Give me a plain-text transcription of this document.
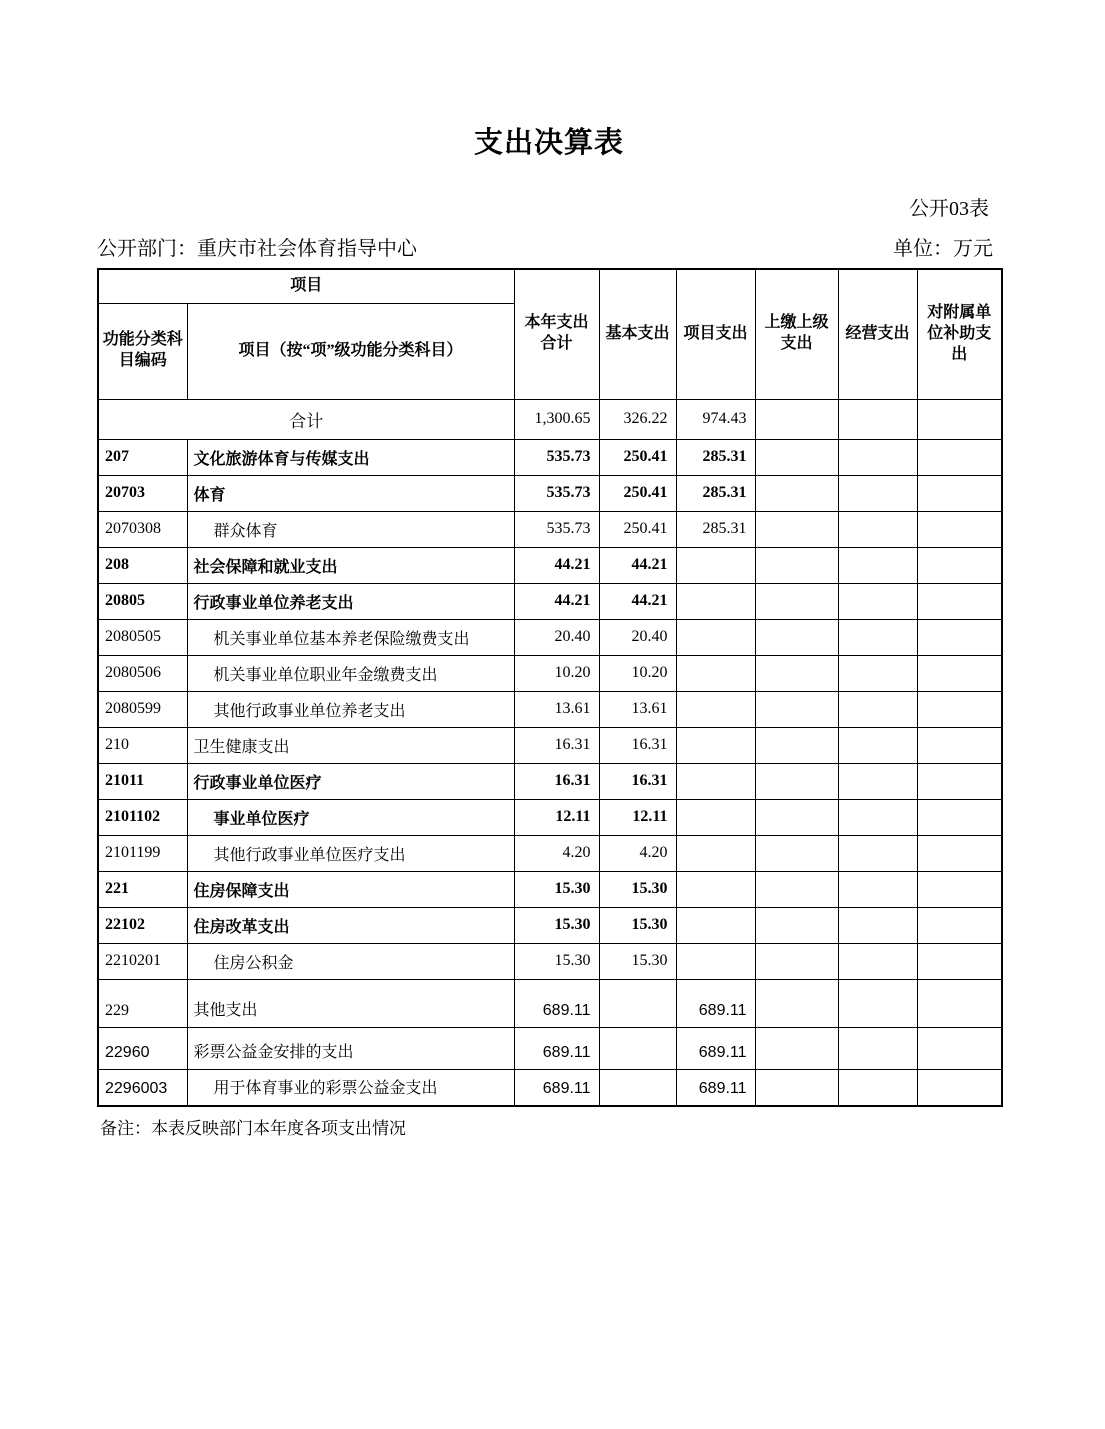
支出决算表
公开03表
公开部门：重庆市社会体育指导中心	单位：万元
项目		本年支出合计	基本支出	项目支出	上缴上级支出	经营支出	对附属单位补助支出
功能分类科目编码	项目（按“项”级功能分类科目）						
合计		1,300.65	326.22	974.43			
207	文化旅游体育与传媒支出	535.73	250.41	285.31			
20703	体育	535.73	250.41	285.31			
2070308	群众体育	535.73	250.41	285.31			
208	社会保障和就业支出	44.21	44.21				
20805	行政事业单位养老支出	44.21	44.21				
2080505	机关事业单位基本养老保险缴费支出	20.40	20.40				
2080506	机关事业单位职业年金缴费支出	10.20	10.20				
2080599	其他行政事业单位养老支出	13.61	13.61				
210	卫生健康支出	16.31	16.31				
21011	行政事业单位医疗	16.31	16.31				
2101102	事业单位医疗	12.11	12.11				
2101199	其他行政事业单位医疗支出	4.20	4.20				
221	住房保障支出	15.30	15.30				
22102	住房改革支出	15.30	15.30				
2210201	住房公积金	15.30	15.30				
229	其他支出	689.11		689.11			
22960	彩票公益金安排的支出	689.11		689.11			
2296003	用于体育事业的彩票公益金支出	689.11		689.11			
备注：本表反映部门本年度各项支出情况
